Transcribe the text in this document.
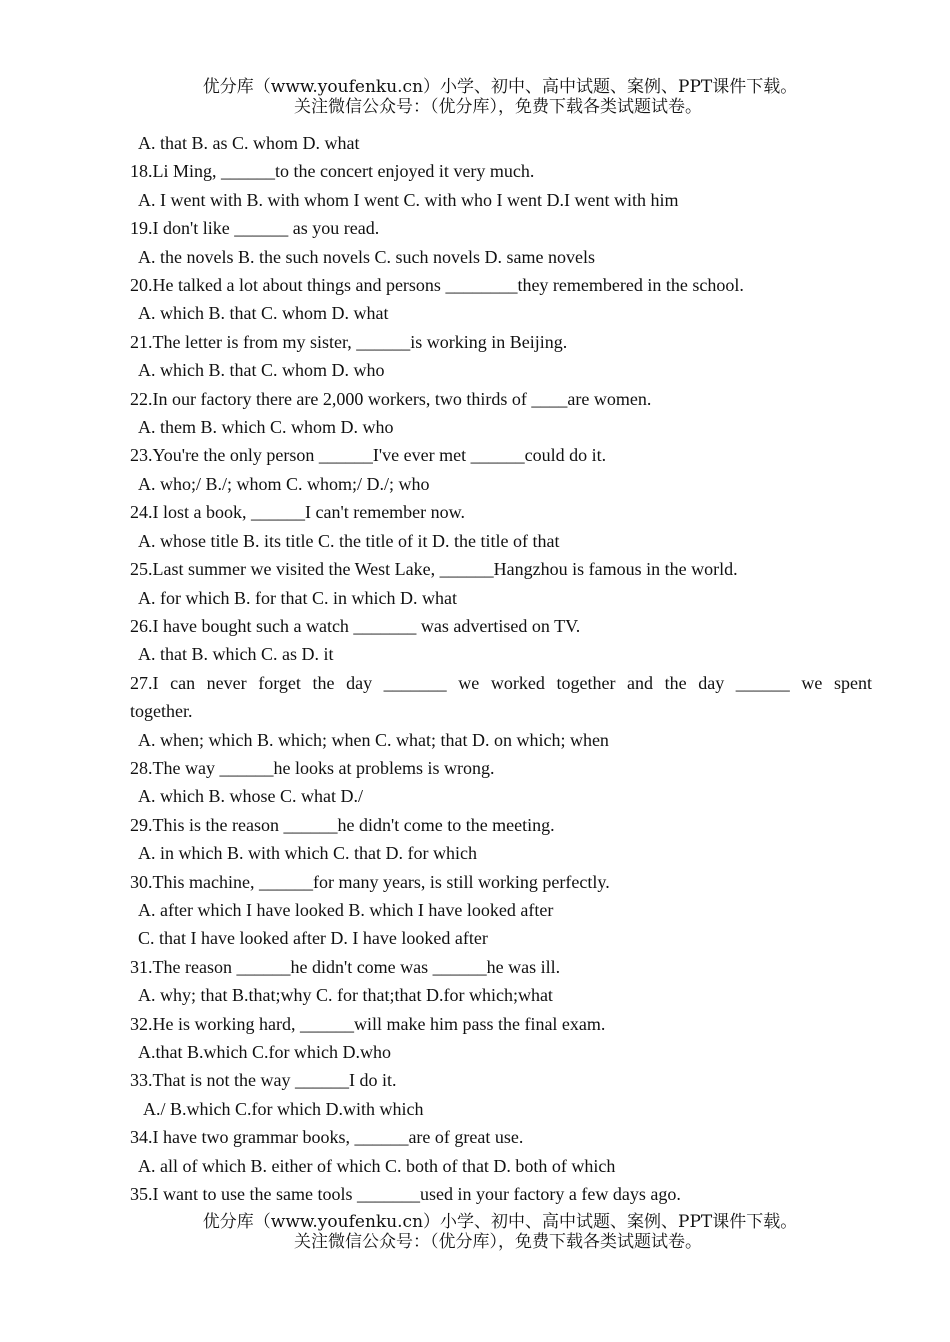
优分库（www.youfenku.cn）小学、初中、高中试题、案例、PPT课件下载。
关注微信公众号：（优分库），免费下载各类试题试卷。
A. that B. as C. whom D. what
18.Li Ming, ______to the concert enjoyed it very much.
A. I went with B. with whom I went C. with who I went D.I went with him
19.I don't like ______ as you read.
A. the novels B. the such novels C. such novels D. same novels
20.He talked a lot about things and persons ________they remembered in the school.
A. which B. that C. whom D. what
21.The letter is from my sister, ______is working in Beijing.
A. which B. that C. whom D. who
22.In our factory there are 2,000 workers, two thirds of ____are women.
A. them B. which C. whom D. who
23.You're the only person ______I've ever met ______could do it.
A. who;/ B./; whom C. whom;/ D./; who
24.I lost a book, ______I can't remember now.
A. whose title B. its title C. the title of it D. the title of that
25.Last summer we visited the West Lake, ______Hangzhou is famous in the world.
A. for which B. for that C. in which D. what
26.I have bought such a watch _______ was advertised on TV.
A. that B. which C. as D. it
27.I can never forget the day _______ we worked together and the day ______ we spent
together.
A. when; which B. which; when C. what; that D. on which; when
28.The way ______he looks at problems is wrong.
A. which B. whose C. what D./
29.This is the reason ______he didn't come to the meeting.
A. in which B. with which C. that D. for which
30.This machine, ______for many years, is still working perfectly.
A. after which I have looked B. which I have looked after
C. that I have looked after D. I have looked after
31.The reason ______he didn't come was ______he was ill.
A. why; that B.that;why C. for that;that D.for which;what
32.He is working hard, ______will make him pass the final exam.
A.that B.which C.for which D.who
33.That is not the way ______I do it.
A./ B.which C.for which D.with which
34.I have two grammar books, ______are of great use.
A. all of which B. either of which C. both of that D. both of which
35.I want to use the same tools _______used in your factory a few days ago.
优分库（www.youfenku.cn）小学、初中、高中试题、案例、PPT课件下载。
关注微信公众号：（优分库），免费下载各类试题试卷。
